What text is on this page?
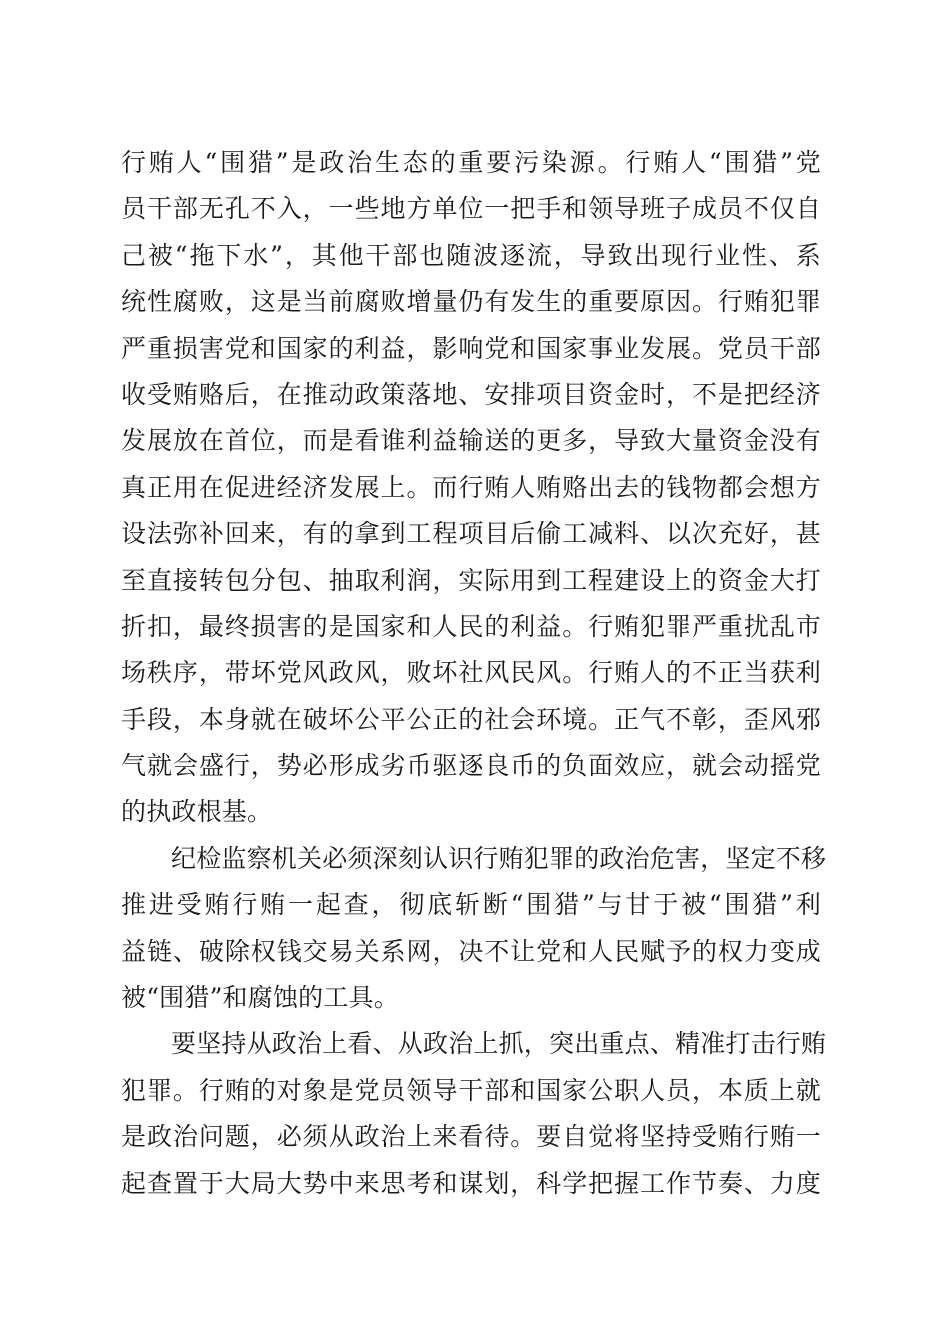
行贿人“围猎”是政治生态的重要污染源。行贿人“围猎”党
员干部无孔不入，一些地方单位一把手和领导班子成员不仅自
己被“拖下水”，其他干部也随波逐流，导致出现行业性、系
统性腐败，这是当前腐败增量仍有发生的重要原因。行贿犯罪
严重损害党和国家的利益，影响党和国家事业发展。党员干部
收受贿赂后，在推动政策落地、安排项目资金时，不是把经济
发展放在首位，而是看谁利益输送的更多，导致大量资金没有
真正用在促进经济发展上。而行贿人贿赂出去的钱物都会想方
设法弥补回来，有的拿到工程项目后偷工减料、以次充好，甚
至直接转包分包、抽取利润，实际用到工程建设上的资金大打
折扣，最终损害的是国家和人民的利益。行贿犯罪严重扰乱市
场秩序，带坏党风政风，败坏社风民风。行贿人的不正当获利
手段，本身就在破坏公平公正的社会环境。正气不彰，歪风邪
气就会盛行，势必形成劣币驱逐良币的负面效应，就会动摇党
的执政根基。
纪检监察机关必须深刻认识行贿犯罪的政治危害，坚定不移
推进受贿行贿一起查，彻底斩断“围猎”与甘于被“围猎”利
益链、破除权钱交易关系网，决不让党和人民赋予的权力变成
被“围猎”和腐蚀的工具。
要坚持从政治上看、从政治上抓，突出重点、精准打击行贿
犯罪。行贿的对象是党员领导干部和国家公职人员，本质上就
是政治问题，必须从政治上来看待。要自觉将坚持受贿行贿一
起查置于大局大势中来思考和谋划，科学把握工作节奏、力度
